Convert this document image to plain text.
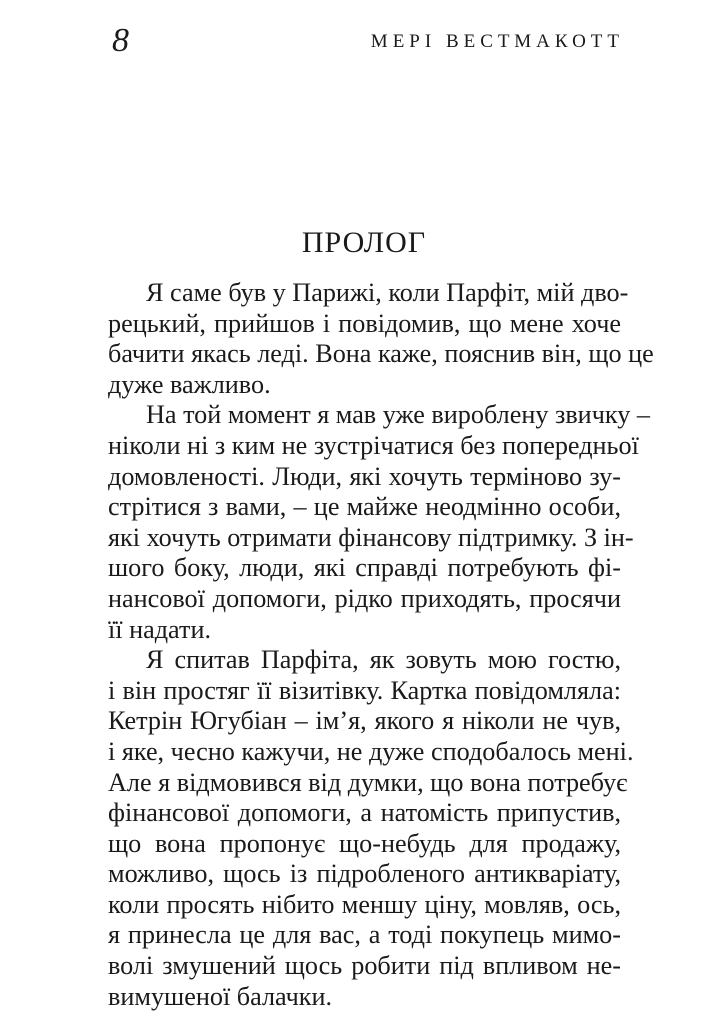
8	МЕРІ ВЕСТМАКОТТ
ПРОЛОГ

Я саме був у Парижі, коли Парфіт, мій дво-
рецький, прийшов і повідомив, що мене хоче
бачити якась леді. Вона каже, пояснив він, що це
дуже важливо.

На той момент я мав уже вироблену звичку –
ніколи ні з ким не зустрічатися без попередньої
домовленості. Люди, які хочуть терміново зу-
стрітися з вами, – це майже неодмінно особи,
які хочуть отримати фінансову підтримку. З ін-
шого боку, люди, які справді потребують фі-
нансової допомоги, рідко приходять, просячи
її надати.

Я спитав Парфіта, як зовуть мою гостю,
і він простяг її візитівку. Картка повідомляла:
Кетрін Югубіан – ім’я, якого я ніколи не чув,
і яке, чесно кажучи, не дуже сподобалось мені.
Але я відмовився від думки, що вона потребує
фінансової допомоги, а натомість припустив,
що вона пропонує що-небудь для продажу,
можливо, щось із підробленого антикваріату,
коли просять нібито меншу ціну, мовляв, ось,
я принесла це для вас, а тоді покупець мимо-
волі змушений щось робити під впливом не-
вимушеної балачки.
